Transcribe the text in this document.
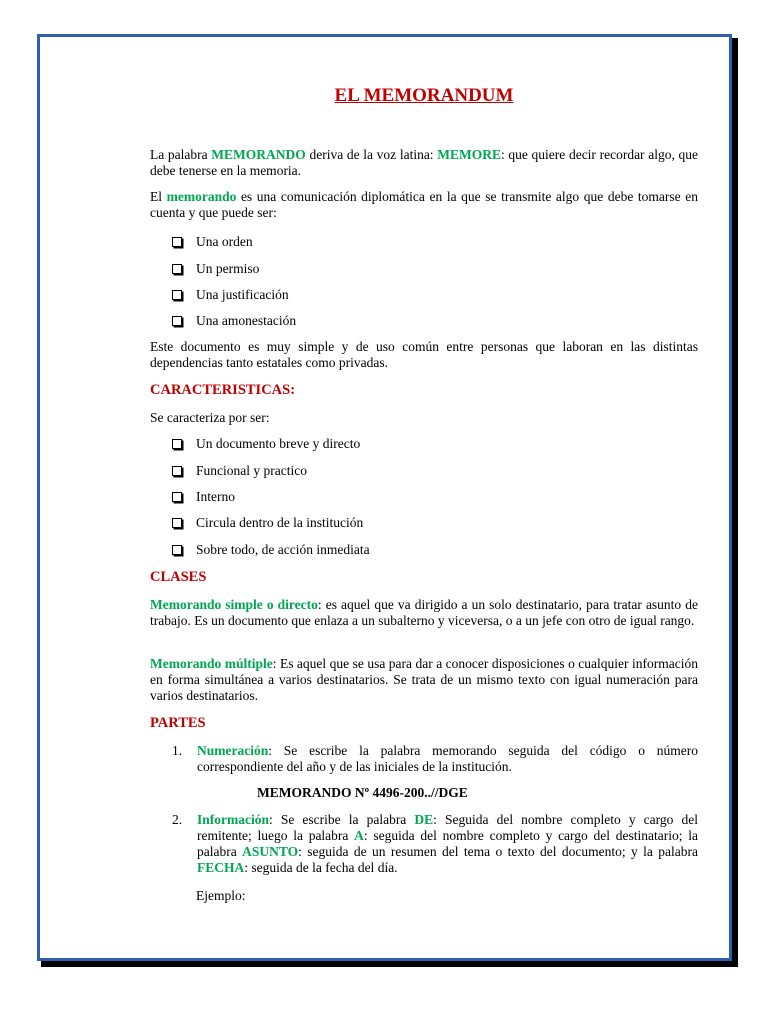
EL MEMORANDUM

La palabra MEMORANDO deriva de la voz latina: MEMORE: que quiere decir recordar algo, que debe tenerse en la memoria.

El memorando es una comunicación diplomática en la que se transmite algo que debe tomarse en cuenta y que puede ser:

Una orden
Un permiso
Una justificación
Una amonestación

Este documento es muy simple y de uso común entre personas que laboran en las distintas dependencias tanto estatales como privadas.

CARACTERISTICAS:

Se caracteriza por ser:

Un documento breve y directo
Funcional y practico
Interno
Circula dentro de la institución
Sobre todo, de acción inmediata
CLASES

Memorando simple o directo: es aquel que va dirigido a un solo destinatario, para tratar asunto de trabajo. Es un documento que enlaza a un subalterno y viceversa, o a un jefe con otro de igual rango.

Memorando múltiple: Es aquel que se usa para dar a conocer disposiciones o cualquier información en forma simultánea a varios destinatarios. Se trata de un mismo texto con igual numeración para varios destinatarios.

PARTES
1. Numeración: Se escribe la palabra memorando seguida del código o número correspondiente del año y de las iniciales de la institución.
MEMORANDO Nº 4496-200..//DGE
2. Información: Se escribe la palabra DE: Seguida del nombre completo y cargo del remitente; luego la palabra A: seguida del nombre completo y cargo del destinatario; la palabra ASUNTO: seguida de un resumen del tema o texto del documento; y la palabra FECHA: seguida de la fecha del día.
Ejemplo:
